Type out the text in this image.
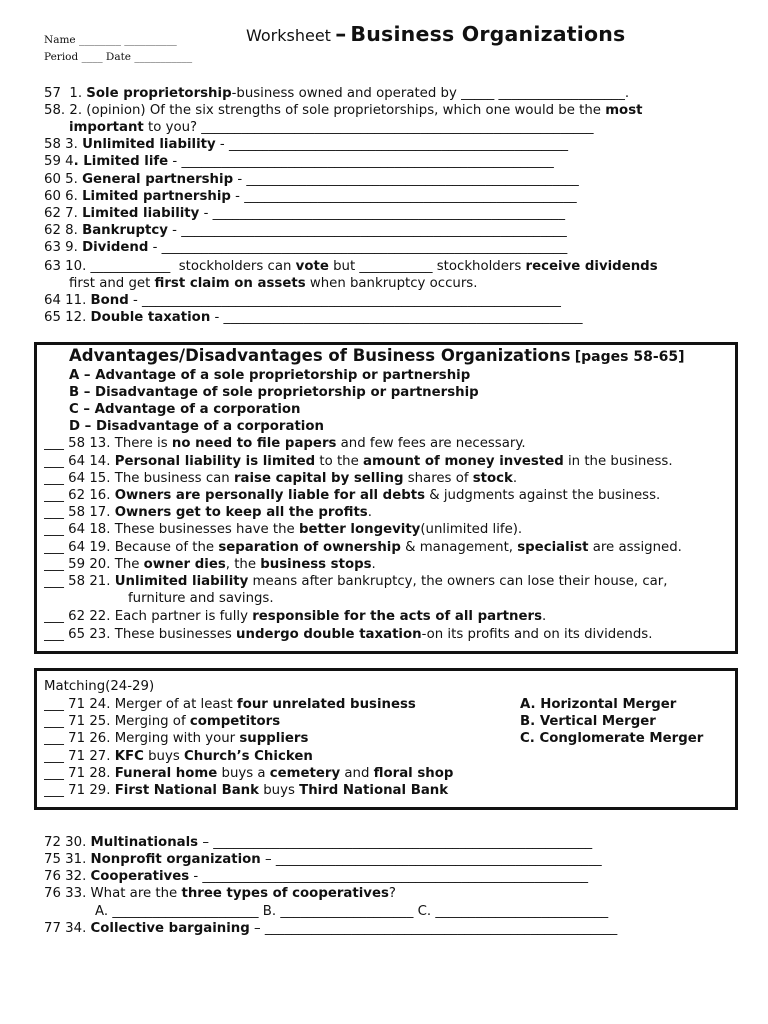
Name ________ __________
Period ____ Date ___________
Worksheet – Business Organizations
57  1. Sole proprietorship-business owned and operated by _____ ___________________.
58. 2. (opinion) Of the six strengths of sole proprietorships, which one would be the most
important to you? ___________________________________________________________
58 3. Unlimited liability - ___________________________________________________
59 4. Limited life - ________________________________________________________
60 5. General partnership - __________________________________________________
60 6. Limited partnership - __________________________________________________
62 7. Limited liability - _____________________________________________________
62 8. Bankruptcy - __________________________________________________________
63 9. Dividend - _____________________________________________________________
63 10. ____________  stockholders can vote but ___________ stockholders receive dividends
first and get first claim on assets when bankruptcy occurs.
64 11. Bond - _______________________________________________________________
65 12. Double taxation - ______________________________________________________
Advantages/Disadvantages of Business Organizations [pages 58-65]
A – Advantage of a sole proprietorship or partnership
B – Disadvantage of sole proprietorship or partnership
C – Advantage of a corporation
D – Disadvantage of a corporation
___ 58 13. There is no need to file papers and few fees are necessary.
___ 64 14. Personal liability is limited to the amount of money invested in the business.
___ 64 15. The business can raise capital by selling shares of stock.
___ 62 16. Owners are personally liable for all debts & judgments against the business.
___ 58 17. Owners get to keep all the profits.
___ 64 18. These businesses have the better longevity(unlimited life).
___ 64 19. Because of the separation of ownership & management, specialist are assigned.
___ 59 20. The owner dies, the business stops.
___ 58 21. Unlimited liability means after bankruptcy, the owners can lose their house, car,
furniture and savings.
___ 62 22. Each partner is fully responsible for the acts of all partners.
___ 65 23. These businesses undergo double taxation-on its profits and on its dividends.
Matching(24-29)
___ 71 24. Merger of at least four unrelated business
___ 71 25. Merging of competitors
___ 71 26. Merging with your suppliers
___ 71 27. KFC buys Church’s Chicken
___ 71 28. Funeral home buys a cemetery and floral shop
___ 71 29. First National Bank buys Third National Bank
A. Horizontal Merger
B. Vertical Merger
C. Conglomerate Merger
72 30. Multinationals – _________________________________________________________
75 31. Nonprofit organization – _________________________________________________
76 32. Cooperatives - __________________________________________________________
76 33. What are the three types of cooperatives?
A. ______________________ B. ____________________ C. __________________________
77 34. Collective bargaining – _____________________________________________________
